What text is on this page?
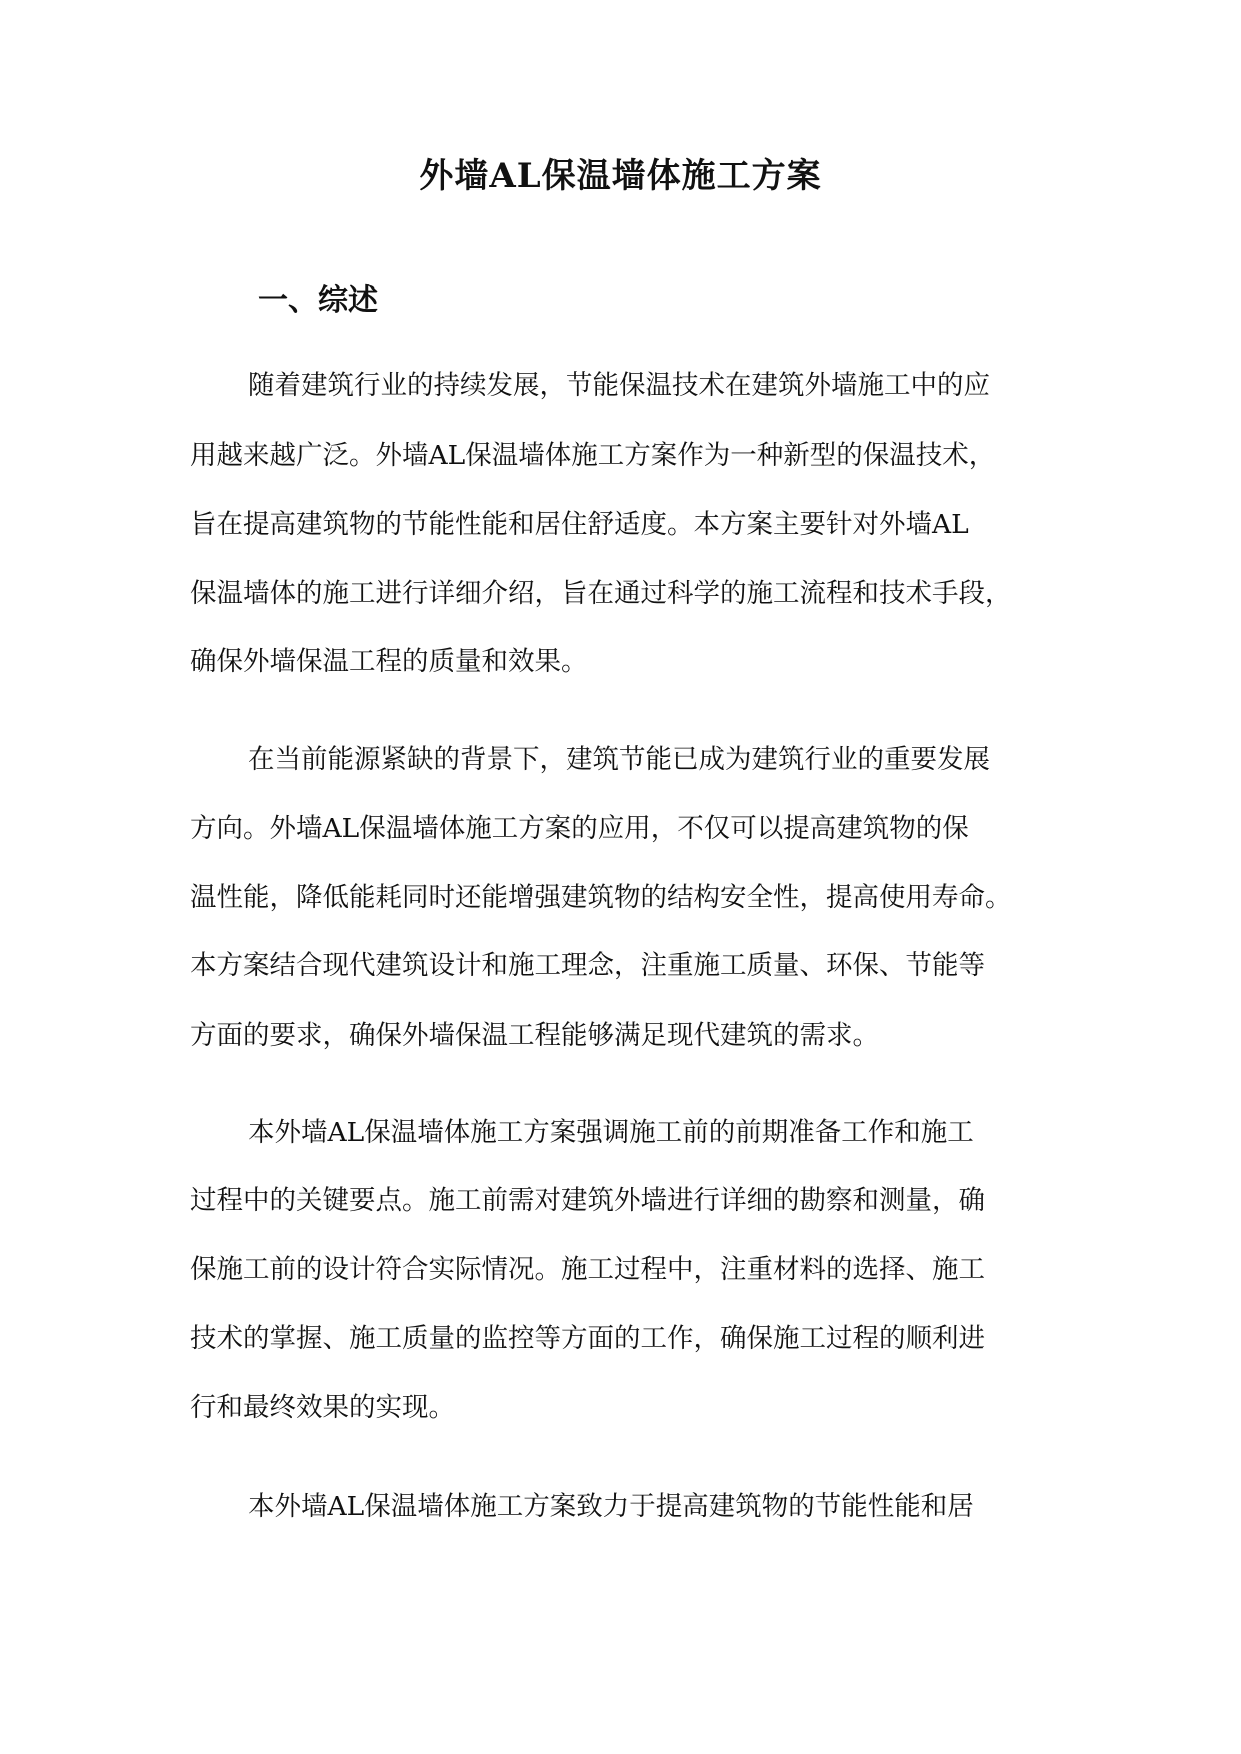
外墙AL保温墙体施工方案
一、综述
随着建筑行业的持续发展，节能保温技术在建筑外墙施工中的应
用越来越广泛。外墙AL保温墙体施工方案作为一种新型的保温技术，
旨在提高建筑物的节能性能和居住舒适度。本方案主要针对外墙AL
保温墙体的施工进行详细介绍，旨在通过科学的施工流程和技术手段，
确保外墙保温工程的质量和效果。
在当前能源紧缺的背景下，建筑节能已成为建筑行业的重要发展
方向。外墙AL保温墙体施工方案的应用，不仅可以提高建筑物的保
温性能，降低能耗同时还能增强建筑物的结构安全性，提高使用寿命。
本方案结合现代建筑设计和施工理念，注重施工质量、环保、节能等
方面的要求，确保外墙保温工程能够满足现代建筑的需求。
本外墙AL保温墙体施工方案强调施工前的前期准备工作和施工
过程中的关键要点。施工前需对建筑外墙进行详细的勘察和测量，确
保施工前的设计符合实际情况。施工过程中，注重材料的选择、施工
技术的掌握、施工质量的监控等方面的工作，确保施工过程的顺利进
行和最终效果的实现。
本外墙AL保温墙体施工方案致力于提高建筑物的节能性能和居
